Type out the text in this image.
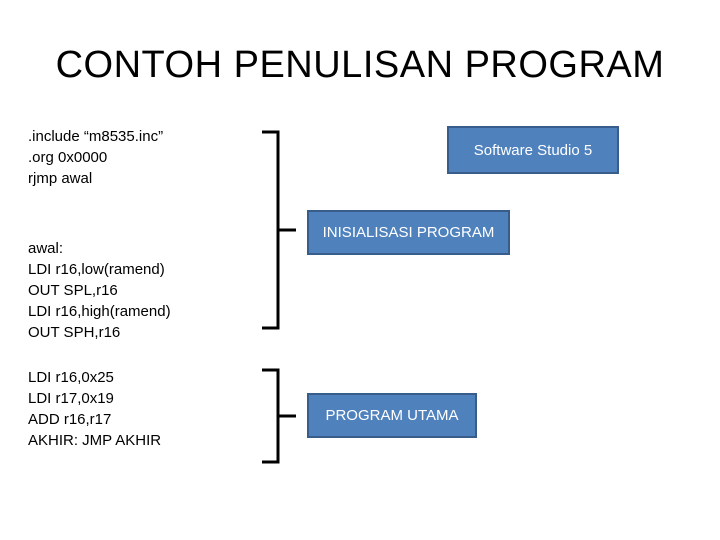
CONTOH PENULISAN PROGRAM
.include “m8535.inc”
.org 0x0000
rjmp awal
awal:
LDI r16,low(ramend)
OUT SPL,r16
LDI r16,high(ramend)
OUT SPH,r16
LDI r16,0x25
LDI r17,0x19
ADD r16,r17
AKHIR: JMP AKHIR
Software Studio 5
INISIALISASI PROGRAM
PROGRAM UTAMA
